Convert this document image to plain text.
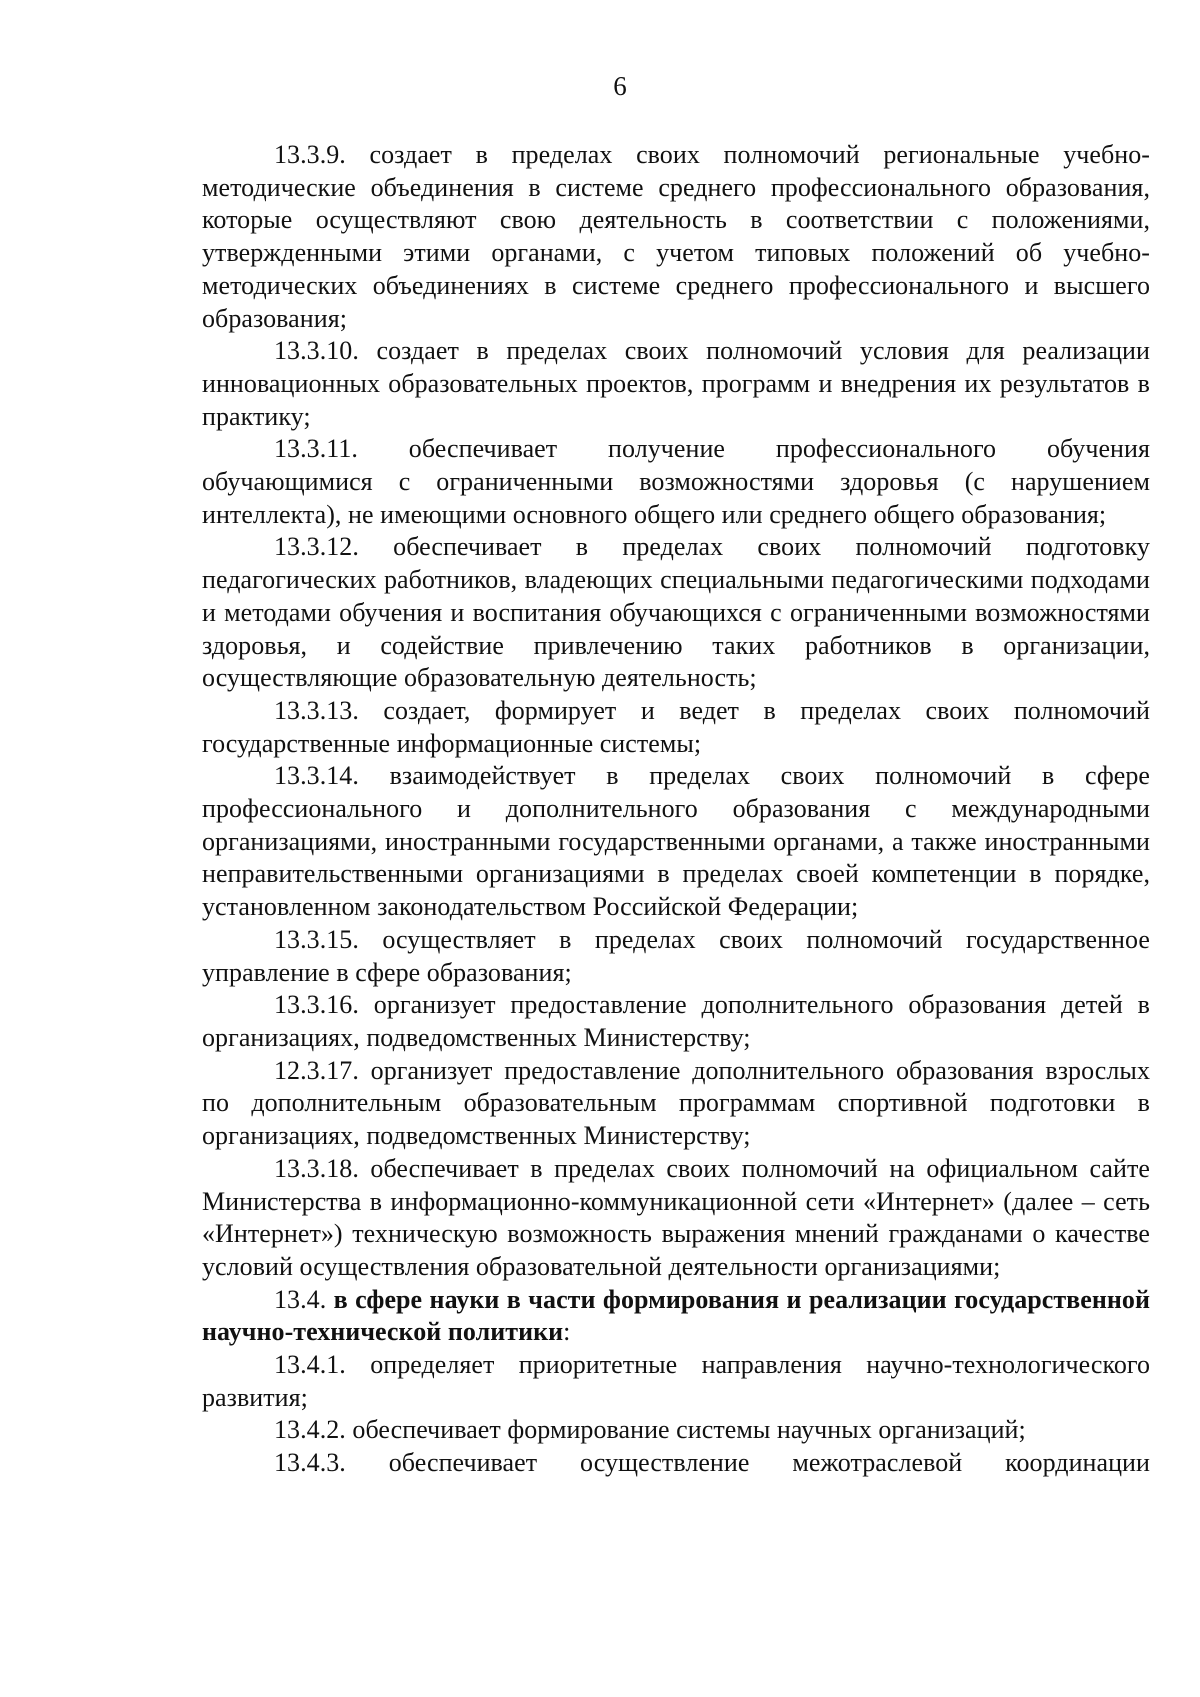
6

13.3.9. создает в пределах своих полномочий региональные учебно-методические объединения в системе среднего профессионального образования, которые осуществляют свою деятельность в соответствии с положениями, утвержденными этими органами, с учетом типовых положений об учебно-методических объединениях в системе среднего профессионального и высшего образования;

13.3.10. создает в пределах своих полномочий условия для реализации инновационных образовательных проектов, программ и внедрения их результатов в практику;

13.3.11. обеспечивает получение профессионального обучения обучающимися с ограниченными возможностями здоровья (с нарушением интеллекта), не имеющими основного общего или среднего общего образования;

13.3.12. обеспечивает в пределах своих полномочий подготовку педагогических работников, владеющих специальными педагогическими подходами и методами обучения и воспитания обучающихся с ограниченными возможностями здоровья, и содействие привлечению таких работников в организации, осуществляющие образовательную деятельность;

13.3.13. создает, формирует и ведет в пределах своих полномочий государственные информационные системы;

13.3.14. взаимодействует в пределах своих полномочий в сфере профессионального и дополнительного образования с международными организациями, иностранными государственными органами, а также иностранными неправительственными организациями в пределах своей компетенции в порядке, установленном законодательством Российской Федерации;

13.3.15. осуществляет в пределах своих полномочий государственное управление в сфере образования;

13.3.16. организует предоставление дополнительного образования детей в организациях, подведомственных Министерству;

12.3.17. организует предоставление дополнительного образования взрослых по дополнительным образовательным программам спортивной подготовки в организациях, подведомственных Министерству;

13.3.18. обеспечивает в пределах своих полномочий на официальном сайте Министерства в информационно-коммуникационной сети «Интернет» (далее – сеть «Интернет») техническую возможность выражения мнений гражданами о качестве условий осуществления образовательной деятельности организациями;

13.4. в сфере науки в части формирования и реализации государственной научно-технической политики:

13.4.1. определяет приоритетные направления научно-технологического развития;

13.4.2. обеспечивает формирование системы научных организаций;

13.4.3. обеспечивает осуществление межотраслевой координации
